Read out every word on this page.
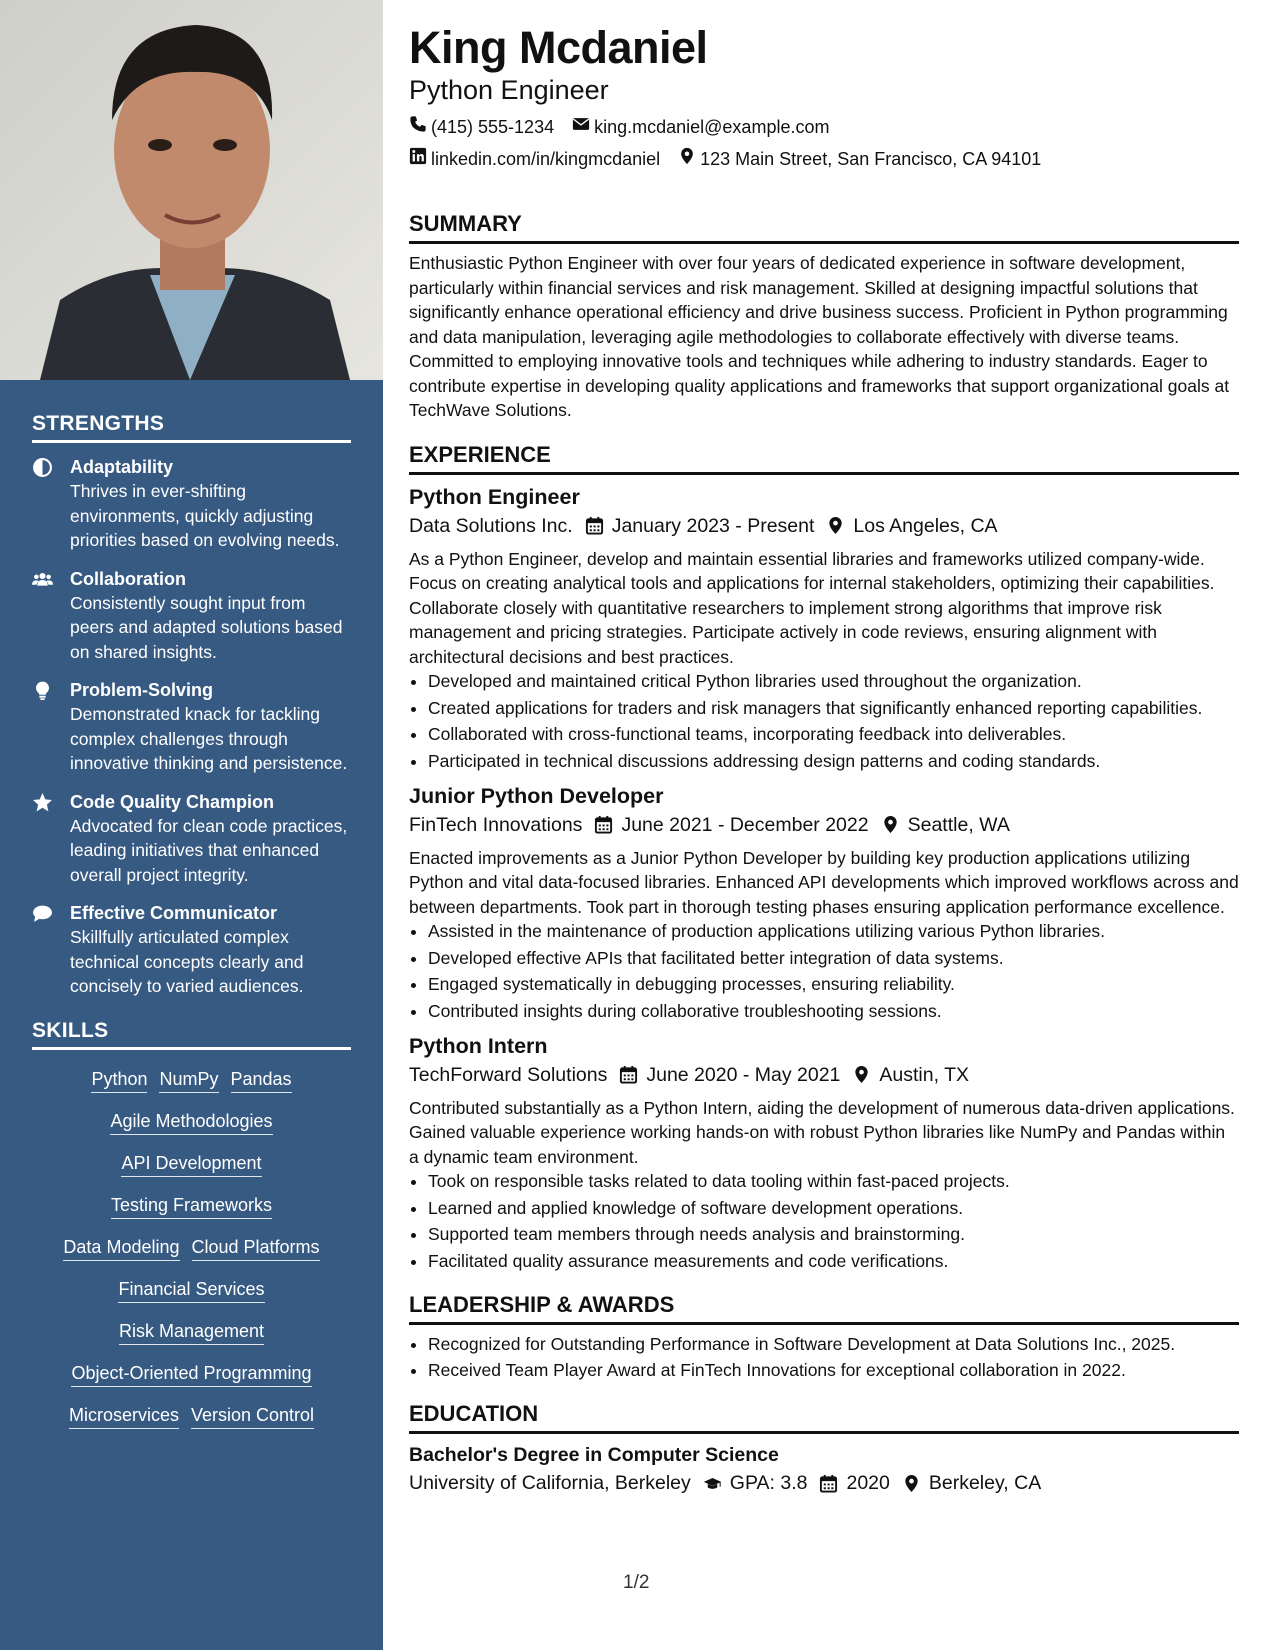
STRENGTHS
Adaptability
Thrives in ever-shifting environments, quickly adjusting priorities based on evolving needs.
Collaboration
Consistently sought input from peers and adapted solutions based on shared insights.
Problem-Solving
Demonstrated knack for tackling complex challenges through innovative thinking and persistence.
Code Quality Champion
Advocated for clean code practices, leading initiatives that enhanced overall project integrity.
Effective Communicator
Skillfully articulated complex technical concepts clearly and concisely to varied audiences.
SKILLS
Python NumPy Pandas
Agile Methodologies
API Development
Testing Frameworks
Data Modeling Cloud Platforms
Financial Services
Risk Management
Object-Oriented Programming
Microservices Version Control
King Mcdaniel
Python Engineer
(415) 555-1234 king.mcdaniel@example.com
linkedin.com/in/kingmcdaniel 123 Main Street, San Francisco, CA 94101
SUMMARY
Enthusiastic Python Engineer with over four years of dedicated experience in software development, particularly within financial services and risk management. Skilled at designing impactful solutions that significantly enhance operational efficiency and drive business success. Proficient in Python programming and data manipulation, leveraging agile methodologies to collaborate effectively with diverse teams. Committed to employing innovative tools and techniques while adhering to industry standards. Eager to contribute expertise in developing quality applications and frameworks that support organizational goals at TechWave Solutions.
EXPERIENCE
Python Engineer
Data Solutions Inc. January 2023 - Present Los Angeles, CA
As a Python Engineer, develop and maintain essential libraries and frameworks utilized company-wide. Focus on creating analytical tools and applications for internal stakeholders, optimizing their capabilities. Collaborate closely with quantitative researchers to implement strong algorithms that improve risk management and pricing strategies. Participate actively in code reviews, ensuring alignment with architectural decisions and best practices.
• Developed and maintained critical Python libraries used throughout the organization.
• Created applications for traders and risk managers that significantly enhanced reporting capabilities.
• Collaborated with cross-functional teams, incorporating feedback into deliverables.
• Participated in technical discussions addressing design patterns and coding standards.
Junior Python Developer
FinTech Innovations June 2021 - December 2022 Seattle, WA
Enacted improvements as a Junior Python Developer by building key production applications utilizing Python and vital data-focused libraries. Enhanced API developments which improved workflows across and between departments. Took part in thorough testing phases ensuring application performance excellence.
• Assisted in the maintenance of production applications utilizing various Python libraries.
• Developed effective APIs that facilitated better integration of data systems.
• Engaged systematically in debugging processes, ensuring reliability.
• Contributed insights during collaborative troubleshooting sessions.
Python Intern
TechForward Solutions June 2020 - May 2021 Austin, TX
Contributed substantially as a Python Intern, aiding the development of numerous data-driven applications. Gained valuable experience working hands-on with robust Python libraries like NumPy and Pandas within a dynamic team environment.
• Took on responsible tasks related to data tooling within fast-paced projects.
• Learned and applied knowledge of software development operations.
• Supported team members through needs analysis and brainstorming.
• Facilitated quality assurance measurements and code verifications.
LEADERSHIP & AWARDS
• Recognized for Outstanding Performance in Software Development at Data Solutions Inc., 2025.
• Received Team Player Award at FinTech Innovations for exceptional collaboration in 2022.
EDUCATION
Bachelor's Degree in Computer Science
University of California, Berkeley GPA: 3.8 2020 Berkeley, CA
1/2
